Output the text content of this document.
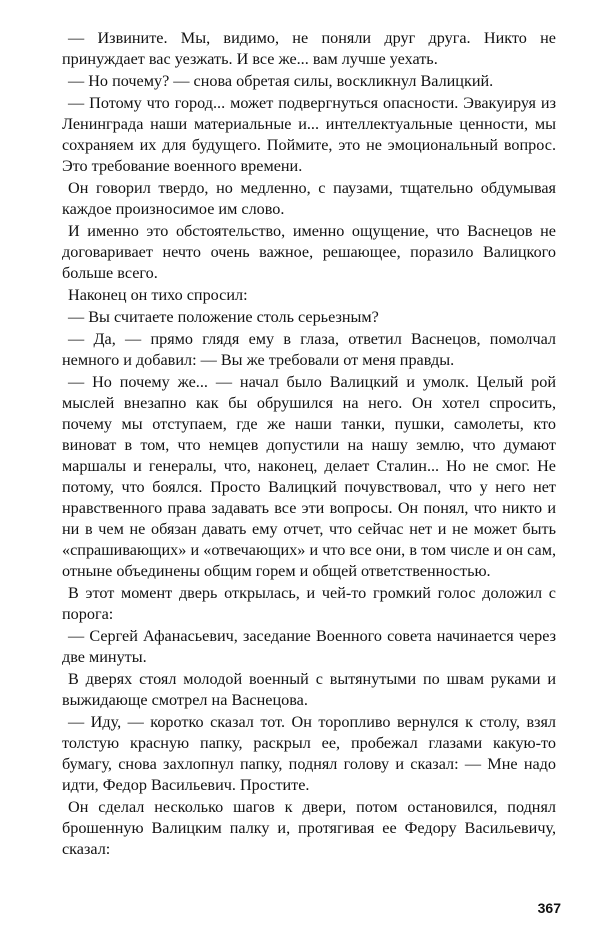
— Извините. Мы, видимо, не поняли друг друга. Никто не принуждает вас уезжать. И все же... вам лучше уехать.

— Но почему? — снова обретая силы, воскликнул Валицкий.

— Потому что город... может подвергнуться опасности. Эвакуируя из Ленинграда наши материальные и... интеллектуальные ценности, мы сохраняем их для будущего. Поймите, это не эмоциональный вопрос. Это требование военного времени.

Он говорил твердо, но медленно, с паузами, тщательно обдумывая каждое произносимое им слово.

И именно это обстоятельство, именно ощущение, что Васнецов не договаривает нечто очень важное, решающее, поразило Валицкого больше всего.

Наконец он тихо спросил:

— Вы считаете положение столь серьезным?

— Да, — прямо глядя ему в глаза, ответил Васнецов, помолчал немного и добавил: — Вы же требовали от меня правды.

— Но почему же... — начал было Валицкий и умолк. Целый рой мыслей внезапно как бы обрушился на него. Он хотел спросить, почему мы отступаем, где же наши танки, пушки, самолеты, кто виноват в том, что немцев допустили на нашу землю, что думают маршалы и генералы, что, наконец, делает Сталин... Но не смог. Не потому, что боялся. Просто Валицкий почувствовал, что у него нет нравственного права задавать все эти вопросы. Он понял, что никто и ни в чем не обязан давать ему отчет, что сейчас нет и не может быть «спрашивающих» и «отвечающих» и что все они, в том числе и он сам, отныне объединены общим горем и общей ответственностью.

В этот момент дверь открылась, и чей-то громкий голос доложил с порога:

— Сергей Афанасьевич, заседание Военного совета начинается через две минуты.

В дверях стоял молодой военный с вытянутыми по швам руками и выжидающе смотрел на Васнецова.

— Иду, — коротко сказал тот. Он торопливо вернулся к столу, взял толстую красную папку, раскрыл ее, пробежал глазами какую-то бумагу, снова захлопнул папку, поднял голову и сказал: — Мне надо идти, Федор Васильевич. Простите.

Он сделал несколько шагов к двери, потом остановился, поднял брошенную Валицким палку и, протягивая ее Федору Васильевичу, сказал:

367
